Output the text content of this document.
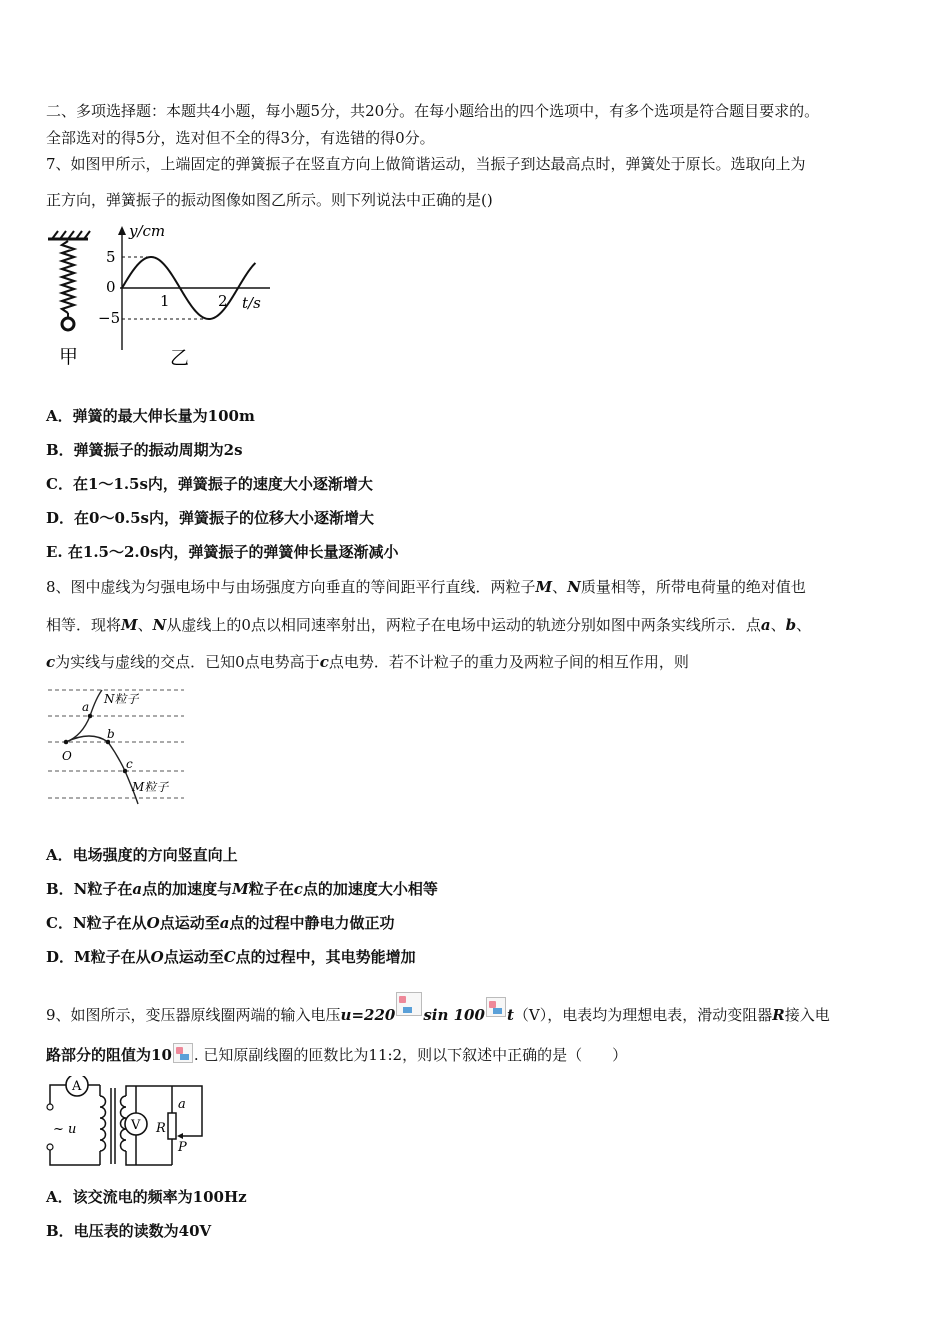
二、多项选择题：本题共4小题，每小题5分，共20分。在每小题给出的四个选项中，有多个选项是符合题目要求的。
全部选对的得5分，选对但不全的得3分，有选错的得0分。
7、如图甲所示，上端固定的弹簧振子在竖直方向上做简谐运动，当振子到达最高点时，弹簧处于原长。选取向上为
正方向，弹簧振子的振动图像如图乙所示。则下列说法中正确的是()
甲
y/cm
t/s
5
0
−5
1	2
乙
A．弹簧的最大伸长量为100m
B．弹簧振子的振动周期为2s
C．在1～1.5s内，弹簧振子的速度大小逐渐增大
D．在0～0.5s内，弹簧振子的位移大小逐渐增大
E. 在1.5～2.0s内，弹簧振子的弹簧伸长量逐渐减小
8、图中虚线为匀强电场中与由场强度方向垂直的等间距平行直线．两粒子M、N质量相等，所带电荷量的绝对值也
相等．现将M、N从虚线上的0点以相同速率射出，两粒子在电场中运动的轨迹分别如图中两条实线所示．点a、b、
c为实线与虚线的交点．已知0点电势高于c点电势．若不计粒子的重力及两粒子间的相互作用，则
N粒子
M粒子
O
a
b
c
A．电场强度的方向竖直向上
B．N粒子在a点的加速度与M粒子在c点的加速度大小相等
C．N粒子在从O点运动至a点的过程中静电力做正功
D．M粒子在从O点运动至C点的过程中，其电势能增加
9、如图所示，变压器原线圈两端的输入电压u=220 sin 100 t（V），电表均为理想电表，滑动变阻器R接入电
路部分的阻值为10 . 已知原副线圈的匝数比为11:2，则以下叙述中正确的是（　　）
A
~ u	V R
a
P
A．该交流电的频率为100Hz
B．电压表的读数为40V
